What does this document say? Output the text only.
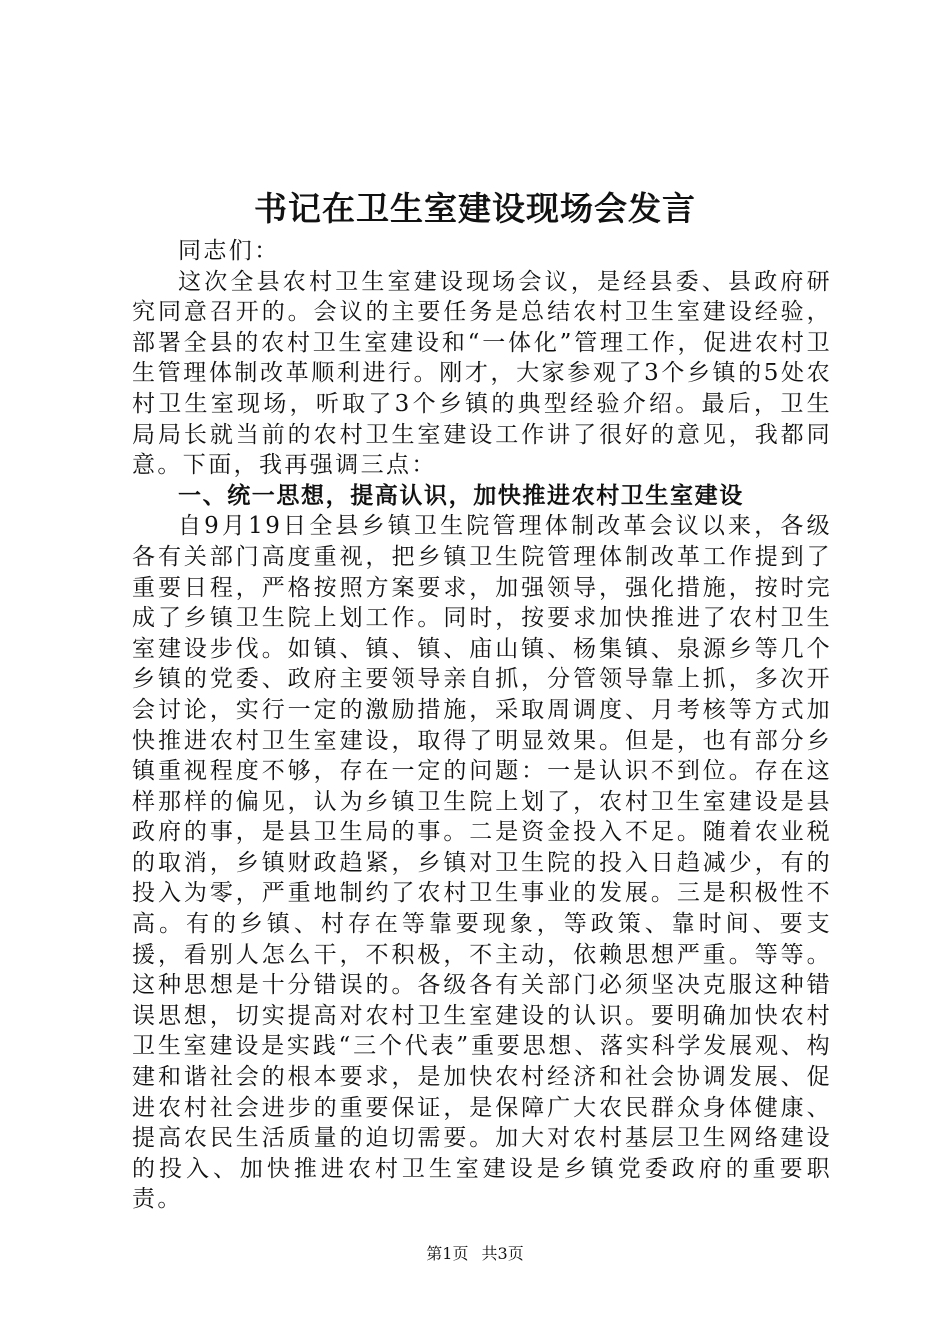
书记在卫生室建设现场会发言

同志们：

这次全县农村卫生室建设现场会议，是经县委、县政府研究同意召开的。会议的主要任务是总结农村卫生室建设经验，部署全县的农村卫生室建设和“一体化”管理工作，促进农村卫生管理体制改革顺利进行。刚才，大家参观了3个乡镇的5处农村卫生室现场，听取了3个乡镇的典型经验介绍。最后，卫生局局长就当前的农村卫生室建设工作讲了很好的意见，我都同意。下面，我再强调三点：

一、统一思想，提高认识，加快推进农村卫生室建设

自9月19日全县乡镇卫生院管理体制改革会议以来，各级各有关部门高度重视，把乡镇卫生院管理体制改革工作提到了重要日程，严格按照方案要求，加强领导，强化措施，按时完成了乡镇卫生院上划工作。同时，按要求加快推进了农村卫生室建设步伐。如镇、镇、镇、庙山镇、杨集镇、泉源乡等几个乡镇的党委、政府主要领导亲自抓，分管领导靠上抓，多次开会讨论，实行一定的激励措施，采取周调度、月考核等方式加快推进农村卫生室建设，取得了明显效果。但是，也有部分乡镇重视程度不够，存在一定的问题：一是认识不到位。存在这样那样的偏见，认为乡镇卫生院上划了，农村卫生室建设是县政府的事，是县卫生局的事。二是资金投入不足。随着农业税的取消，乡镇财政趋紧，乡镇对卫生院的投入日趋减少，有的投入为零，严重地制约了农村卫生事业的发展。三是积极性不高。有的乡镇、村存在等靠要现象，等政策、靠时间、要支援，看别人怎么干，不积极，不主动，依赖思想严重。等等。这种思想是十分错误的。各级各有关部门必须坚决克服这种错误思想，切实提高对农村卫生室建设的认识。要明确加快农村卫生室建设是实践“三个代表”重要思想、落实科学发展观、构建和谐社会的根本要求，是加快农村经济和社会协调发展、促进农村社会进步的重要保证，是保障广大农民群众身体健康、提高农民生活质量的迫切需要。加大对农村基层卫生网络建设的投入、加快推进农村卫生室建设是乡镇党委政府的重要职责。

第1页 共3页
